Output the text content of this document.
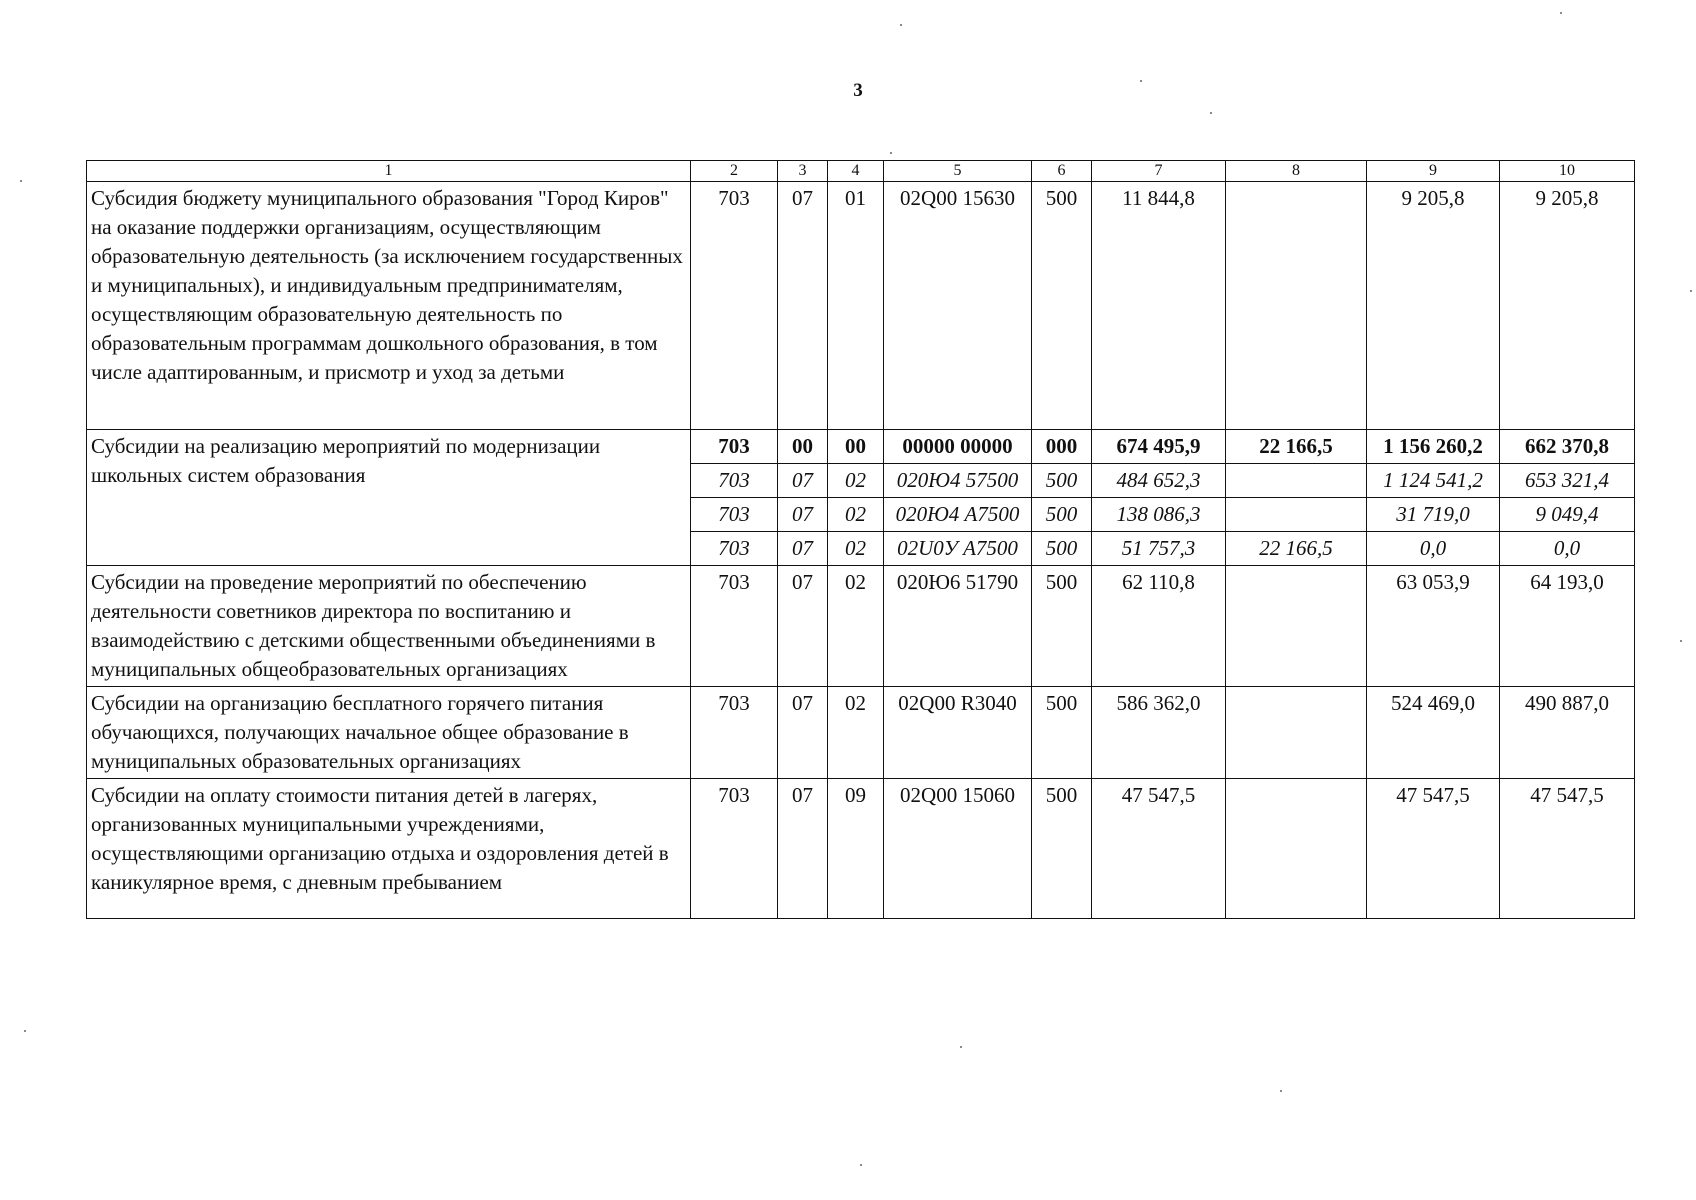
3
1	2	3	4	5	6	7	8	9	10
Субсидия бюджету муниципального образования "Город Киров" на оказание поддержки организациям, осуществляющим образовательную деятельность (за исключением государственных и муниципальных), и индивидуальным предпринимателям, осуществляющим образовательную деятельность по образовательным программам дошкольного образования, в том числе адаптированным, и присмотр и уход за детьми	703	07	01	02Q00 15630	500	11 844,8		9 205,8	9 205,8
Субсидии на реализацию мероприятий по модернизации школьных систем образования	703	00	00	00000 00000	000	674 495,9	22 166,5	1 156 260,2	662 370,8
	703	07	02	020Ю4 57500	500	484 652,3		1 124 541,2	653 321,4
	703	07	02	020Ю4 А7500	500	138 086,3		31 719,0	9 049,4
	703	07	02	02U0У А7500	500	51 757,3	22 166,5	0,0	0,0
Субсидии на проведение мероприятий по обеспечению деятельности советников директора по воспитанию и взаимодействию с детскими общественными объединениями в муниципальных общеобразовательных организациях	703	07	02	020Ю6 51790	500	62 110,8		63 053,9	64 193,0
Субсидии на организацию бесплатного горячего питания обучающихся, получающих начальное общее образование в муниципальных образовательных организациях	703	07	02	02Q00 R3040	500	586 362,0		524 469,0	490 887,0
Субсидии на оплату стоимости питания детей в лагерях, организованных муниципальными учреждениями, осуществляющими организацию отдыха и оздоровления детей в каникулярное время, с дневным пребыванием	703	07	09	02Q00 15060	500	47 547,5		47 547,5	47 547,5
